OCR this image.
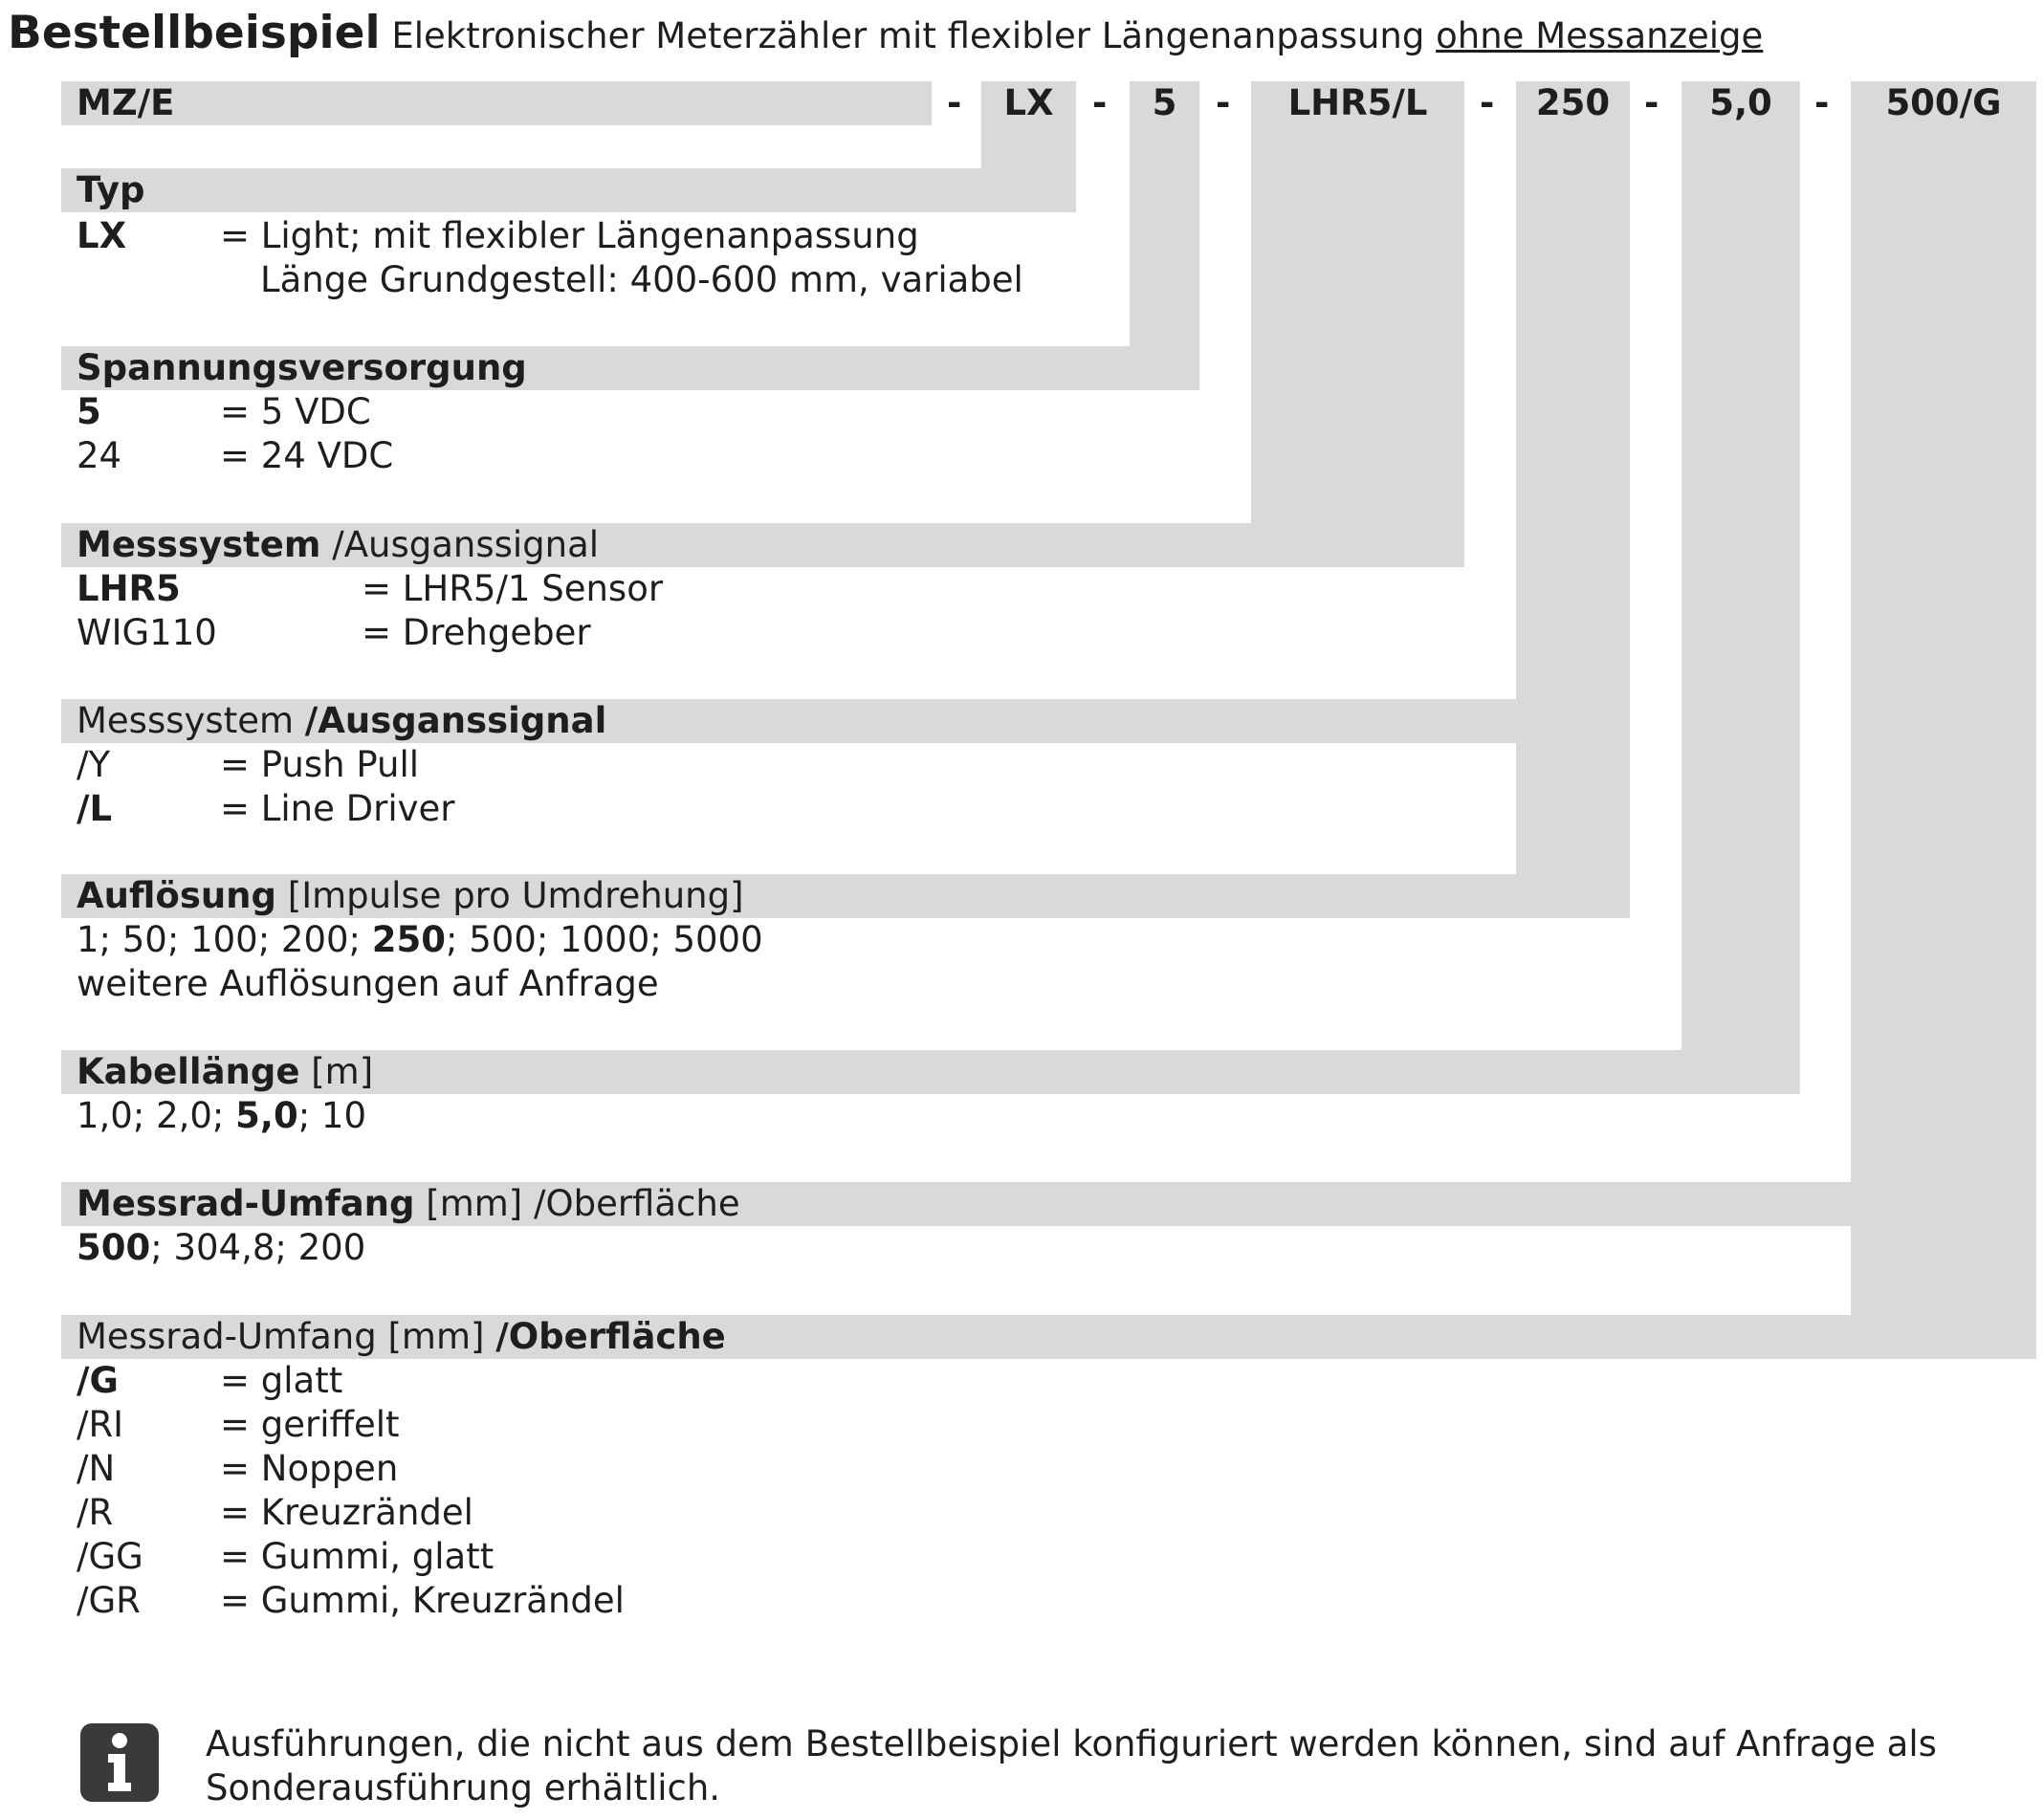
Bestellbeispiel Elektronischer Meterzähler mit flexibler Längenanpassung ohne Messanzeige
MZ/E	-	LX	-	5	-	LHR5/L	-	250 -	5,0	-	500/G
Typ
LX	= Light; mit flexibler Längenanpassung
Länge Grundgestell: 400-600 mm, variabel
Spannungsversorgung
5	= 5 VDC
24	= 24 VDC
Messsystem /Ausganssignal
LHR5	= LHR5/1 Sensor
WIG110	= Drehgeber
Messsystem /Ausganssignal
/Y	= Push Pull
/L	= Line Driver
Auflösung [Impulse pro Umdrehung]
1; 50; 100; 200; 250; 500; 1000; 5000
weitere Auflösungen auf Anfrage
Kabellänge [m]
1,0; 2,0; 5,0; 10
Messrad-Umfang [mm] /Oberfläche
500; 304,8; 200
Messrad-Umfang [mm] /Oberfläche
/G	= glatt
/RI	= geriffelt
/N	= Noppen
/R	= Kreuzrändel
/GG = Gummi, glatt
/GR = Gummi, Kreuzrändel
Ausführungen, die nicht aus dem Bestellbeispiel konfiguriert werden können, sind auf Anfrage als Sonderausführung erhältlich.
